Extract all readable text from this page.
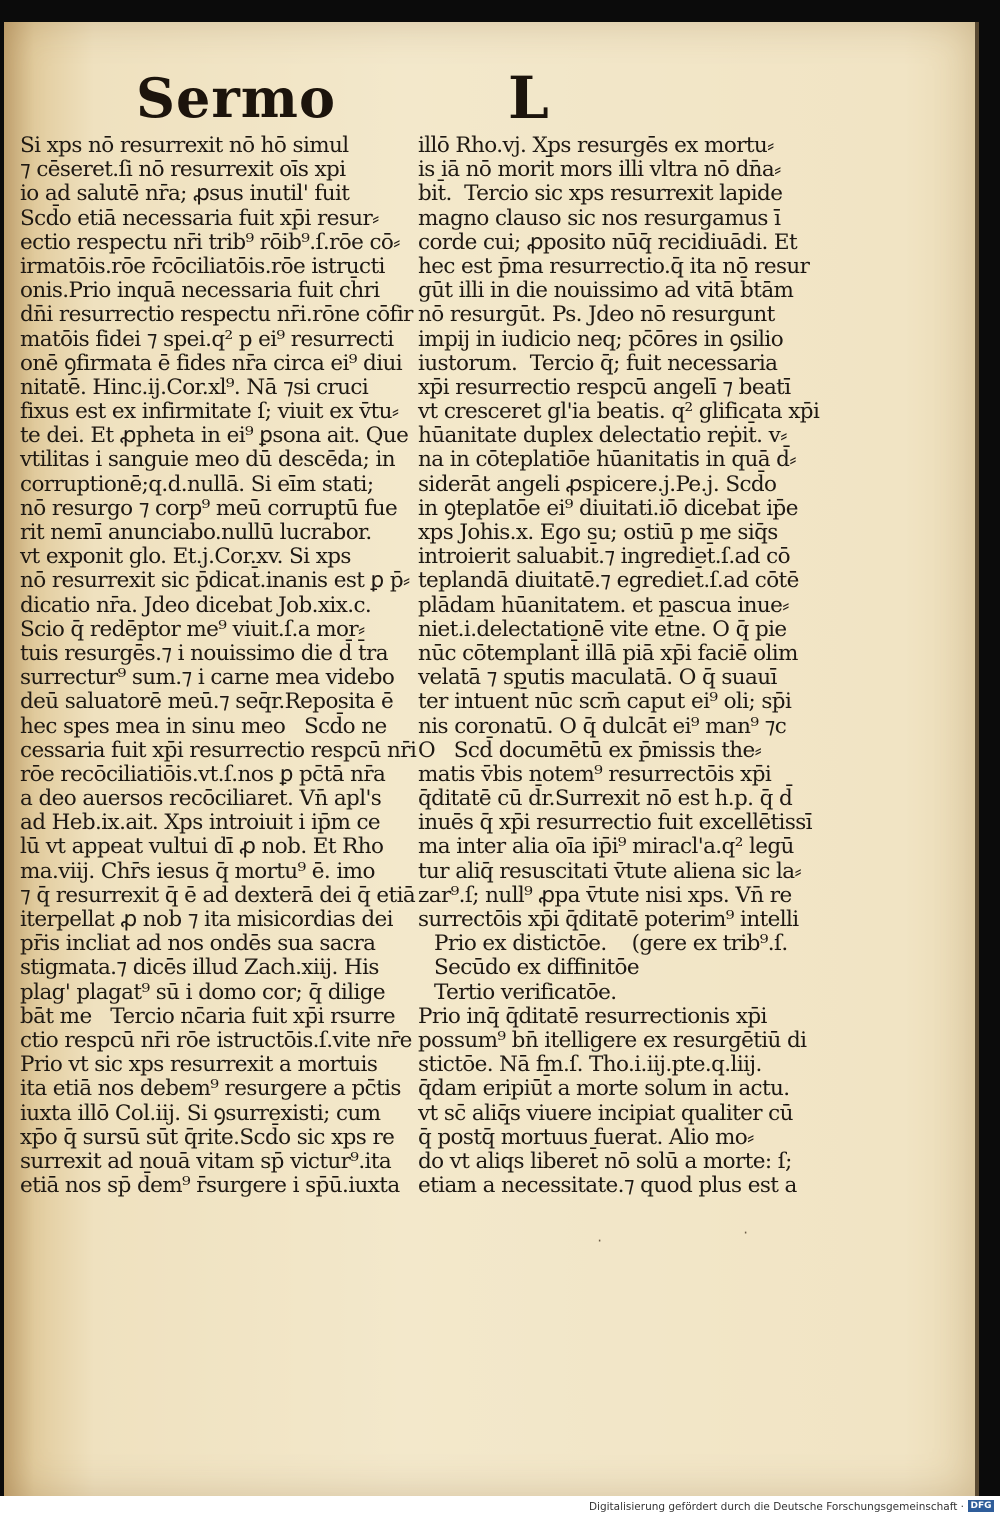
Sermo	L
Si xps nō resurrexit nō hō simul
⁊ cēseret.ſi nō resurrexit oīs xpi
io ad salutē nr̄a; ꝓsus inutil' fuit
Scd̄o etiā necessaria fuit xp̄i resur⸗
ectio respectu nr̄i trib⁹ rōib⁹.ſ.rōe cō⸗
irmatōis.rōe r̄cōciliatōis.rōe istructi
onis.Prio inquā necessaria fuit ch̄ri
dn̄i resurrectio respectu nr̄i.rōne cōfir
matōis fidei ⁊ spei.q² p ei⁹ resurrecti
onē ꝯfirmata ē fides nr̄a circa ei⁹ diui
nitatē. Hinc.ij.Cor.xl⁹. Nā ⁊si cruci
fixus est ex infirmitate ſ; viuit ex v̄tu⸗
te dei. Et ꝓpheta in ei⁹ ꝑsona ait. Que
vtilitas i sanguie meo dū descēda; in
corruptionē;q.d.nullā. Si eīm stati;
nō resurgo ⁊ corp⁹ meū corruptū fue
rit nemī anunciabo.nullū lucrabor.
vt exponit glo. Et.j.Cor.xv. Si xps
nō resurrexit sic p̄dicat̄.inanis est ꝑ p̄⸗
dicatio nr̄a. Jdeo dicebat Job.xix.c.
Scio q̄ redēptor me⁹ viuit.ſ.a mor⸗
tuis resurgēs.⁊ i nouissimo die d̄ t̄ra
surrectur⁹ sum.⁊ i carne mea videbo
deū saluatorē meū.⁊ seq̄r.Reposita ē
hec spes mea in sinu meo   Scd̄o ne
cessaria fuit xp̄i resurrectio respcū nr̄i
rōe recōciliatiōis.vt.ſ.nos ꝑ pc̄tā nr̄a
a deo auersos recōciliaret. Vn̄ apl's
ad Heb.ix.ait. Xps introiuit i ip̄m ce
lū vt appeat vultui dī ꝓ nob. Et Rho
ma.viij. Chr̄s iesus q̄ mortu⁹ ē. imo
⁊ q̄ resurrexit q̄ ē ad dexterā dei q̄ etiā
iterpellat ꝓ nob ⁊ ita mi̇sicordias dei
pr̄is incliat ad nos ondēs sua sacra
stigmata.⁊ dicēs illud Zach.xiij. His
plag' plagat⁹ sū i domo cor; q̄ dilige
bāt me   Tercio nc̄aria fuit xp̄i rsurre
ctio respcū nr̄i rōe istructōis.ſ.vite nr̄e
Prio vt sic xps resurrexit a mortuis
ita etiā nos debem⁹ resurgere a pc̄tis
iuxta illō Col.iij. Si ꝯsurrexisti; cum
xp̄o q̄ sursū sūt q̄rite.Scd̄o sic xps re
surrexit ad nouā vitam sp̄ victur⁹.ita
etiā nos sp̄ d̄em⁹ r̄surgere i sp̄ū.iuxta
illō Rho.vj. Xps resurgēs ex mortu⸗
is iā nō morit̄ mors illi vltra nō dn̄a⸗
bit̄.  Tercio sic xps resurrexit lapide
magno clauso sic nos resurgamus ī
corde cui; ꝓposito nūq̄ recidiuādi. Et
hec est p̄ma resurrectio.q̄ ita nō resur
gūt illi in die nouissimo ad vitā b̄tām
nō resurgūt. Ps. Jdeo nō resurgunt
impij in iudicio neq; pc̄ōres in ꝯsilio
iustorum.  Tercio q̄; fuit necessaria
xp̄i resurrectio respcū angelī ⁊ beatī
vt cresceret gl'ia beatis. q² glificata xp̄i
hūanitate duplex delectatio reṗit̄. v⸗
na in cōteplatiōe hūanitatis in quā d̄⸗
siderāt angeli ꝓspicere.j.Pe.j. Scd̄o
in ꝯteplatōe ei⁹ diuitati.iō dicebat ip̄e
xps Johis.x. Ego su; ostiū p me siq̄s
introierit saluabit̄.⁊ ingrediet̄.ſ.ad cō
teplandā diuitatē.⁊ egrediet̄.ſ.ad cōtē
plādam hūanitatem. et pascua inue⸗
niet.i.delectationē vite et̄ne. O q̄ pie
nūc cōtemplant̄ illā piā xp̄i faciē olim
velatā ⁊ sputis maculatā. O q̄ suauī
ter intuent̄ nūc scm̄ caput ei⁹ oli; sp̄i
nis coronatū. O q̄ dulcāt ei⁹ man⁹ ⁊c
O   Scd̄ documētū ex p̄missis the⸗
matis v̄bis notem⁹ resurrectōis xp̄i
q̄ditatē cū d̄r.Surrexit nō est h.p. q̄ d̄
inuēs q̄ xp̄i resurrectio fuit excellētissī
ma inter alia oīa ip̄i⁹ miracl'a.q² legū
tur aliq̄ resuscitati v̄tute aliena sic la⸗
zar⁹.ſ; null⁹ ꝓpa v̄tute nisi xps. Vn̄ re
surrectōis xp̄i q̄ditatē poterim⁹ intelli
Prio ex distictōe.    (gere ex trib⁹.ſ.
Secūdo ex diffinitōe
Tertio verificatōe.
Prio inq̄ q̄ditatē resurrectionis xp̄i
possum⁹ bn̄ itelligere ex resurgētiū di
stictōe. Nā fm.ſ. Tho.i.iij.pte.q.liij.
q̄dam eripiūt̄ a morte solum in actu.
vt sc̄ aliq̄s viuere incipiat qualiter cū
q̄ postq̄ mortuus fuerat. Alio mo⸗
do vt aliqs liberet̄ nō solū a morte: ſ;
etiam a necessitate.⁊ quod plus est a
·
·
Digitalisierung gefördert durch die Deutsche Forschungsgemeinschaft · DFG
